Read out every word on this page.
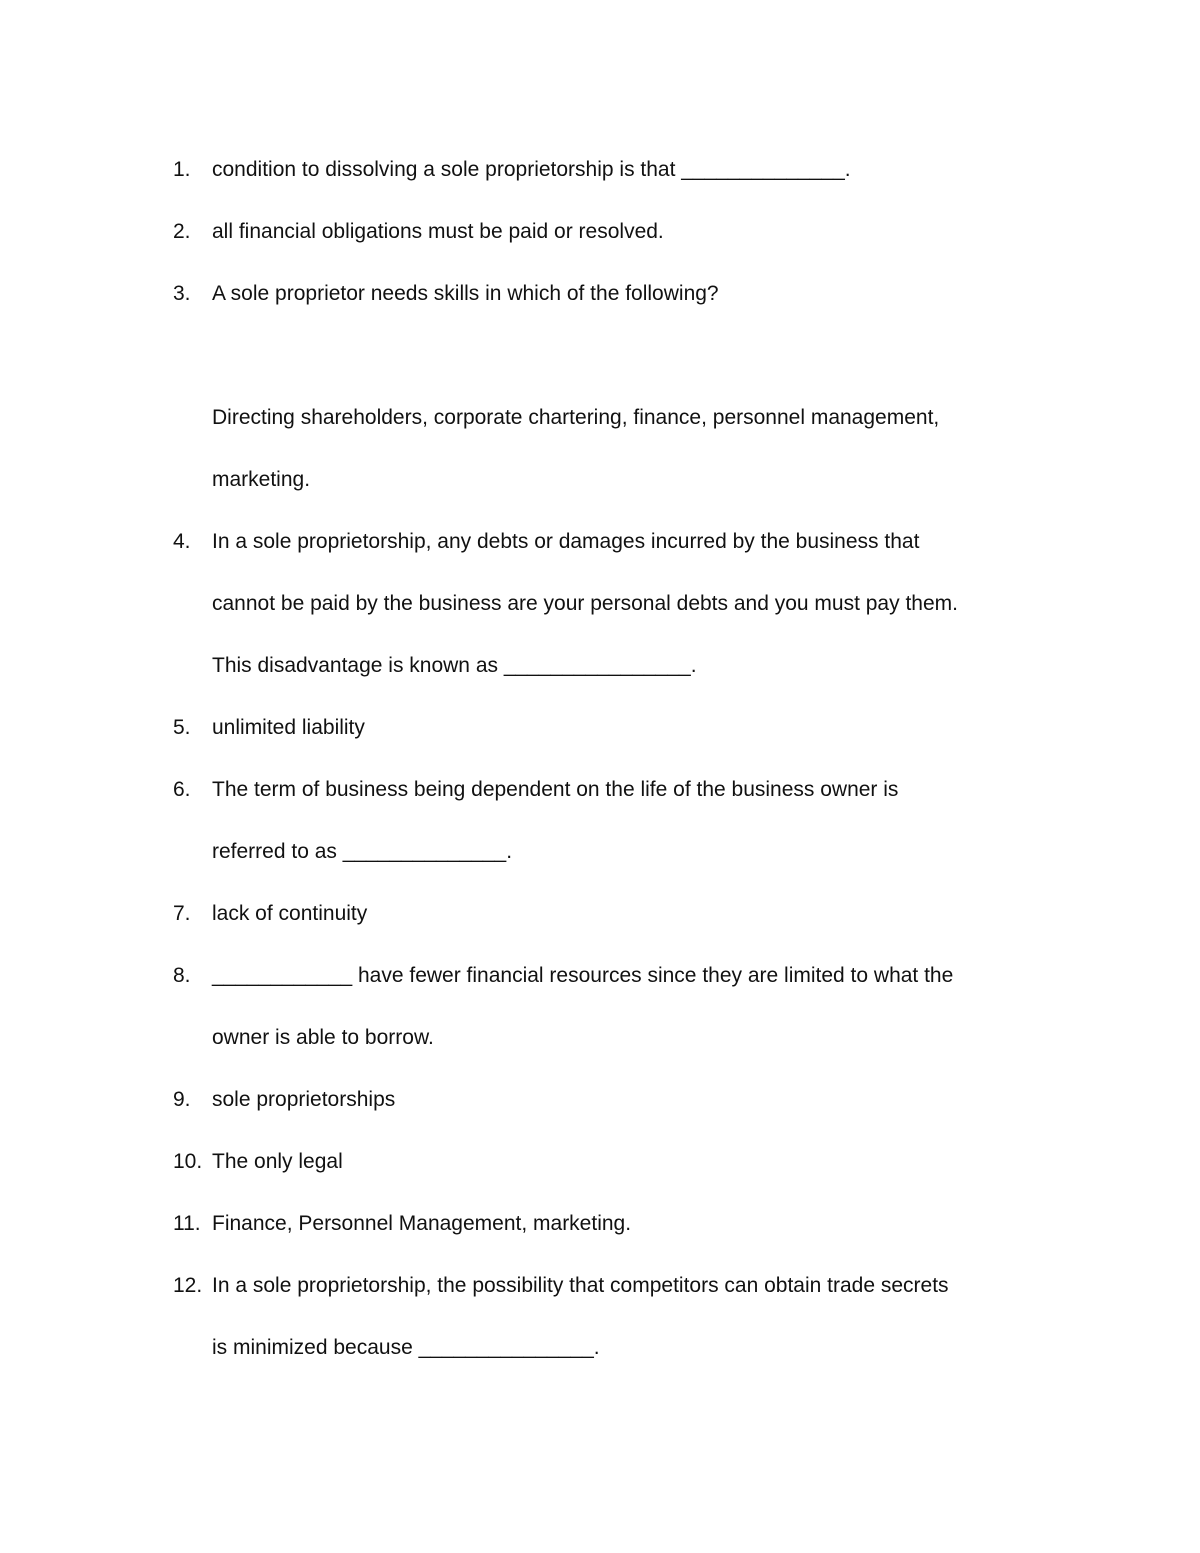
1.	condition to dissolving a sole proprietorship is that ______________.
2.	all financial obligations must be paid or resolved.
3.	A sole proprietor needs skills in which of the following?
Directing shareholders, corporate chartering, finance, personnel management,
marketing.
4.	In a sole proprietorship, any debts or damages incurred by the business that
cannot be paid by the business are your personal debts and you must pay them.
This disadvantage is known as ________________.
5.	unlimited liability
6.	The term of business being dependent on the life of the business owner is
referred to as ______________.
7.	lack of continuity
8.	____________ have fewer financial resources since they are limited to what the
owner is able to borrow.
9.	sole proprietorships
10. The only legal
11. Finance, Personnel Management, marketing.
12. In a sole proprietorship, the possibility that competitors can obtain trade secrets
is minimized because _______________.
